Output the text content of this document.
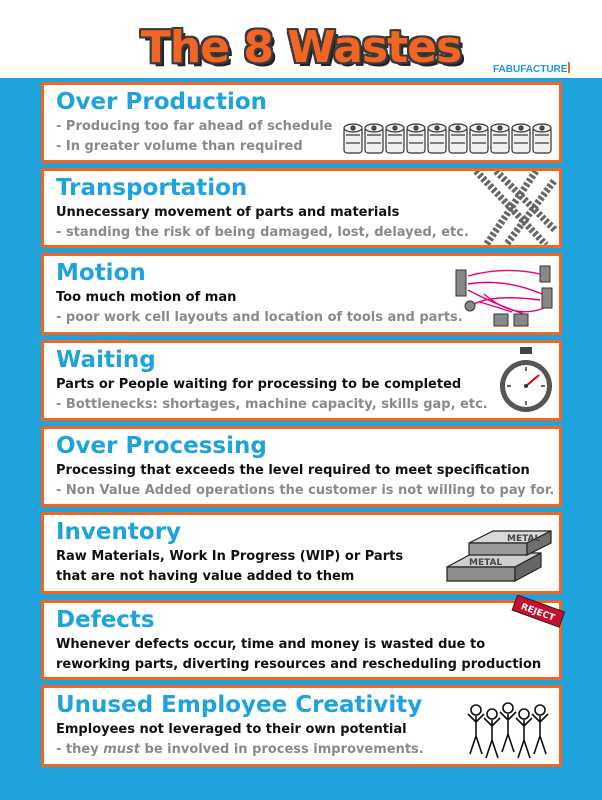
The 8 Wastes	FABUFACTURE
Over Production
- Producing too far ahead of schedule
- In greater volume than required
Transportation
Unnecessary movement of parts and materials
- standing the risk of being damaged, lost, delayed, etc.
Motion
Too much motion of man
- poor work cell layouts and location of tools and parts.
Waiting
Parts or People waiting for processing to be completed
- Bottlenecks: shortages, machine capacity, skills gap, etc.
Over Processing
Processing that exceeds the level required to meet specification
- Non Value Added operations the customer is not willing to pay for.
Inventory
Raw Materials, Work In Progress (WIP) or Parts
that are not having value added to them
METAL
METAL
Defects
Whenever defects occur, time and money is wasted due to
reworking parts, diverting resources and rescheduling production
REJECT
Unused Employee Creativity
Employees not leveraged to their own potential
- they must be involved in process improvements.
